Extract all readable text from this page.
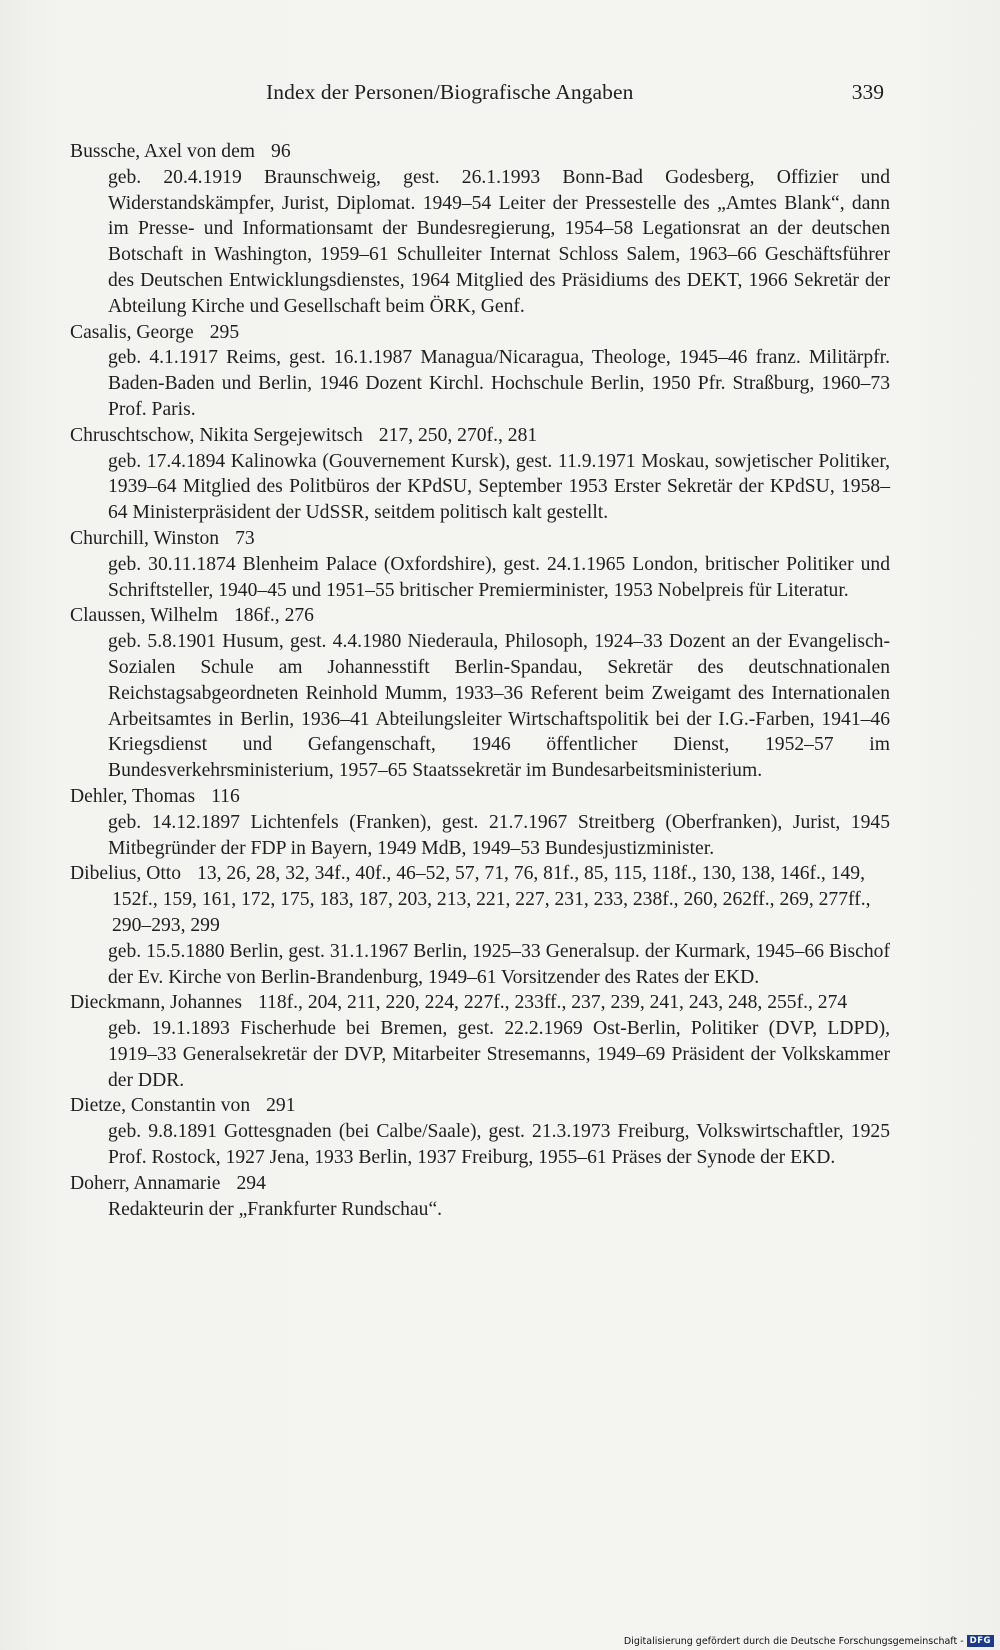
Index der Personen/Biografische Angaben	339

Bussche, Axel von dem 96

geb. 20.4.1919 Braunschweig, gest. 26.1.1993 Bonn-Bad Godesberg, Offizier und Widerstandskämpfer, Jurist, Diplomat. 1949–54 Leiter der Pressestelle des „Amtes Blank“, dann im Presse- und Informationsamt der Bundesregierung, 1954–58 Legationsrat an der deutschen Botschaft in Washington, 1959–61 Schulleiter Internat Schloss Salem, 1963–66 Geschäftsführer des Deutschen Entwicklungsdienstes, 1964 Mitglied des Präsidiums des DEKT, 1966 Sekretär der Abteilung Kirche und Gesellschaft beim ÖRK, Genf.

Casalis, George 295

geb. 4.1.1917 Reims, gest. 16.1.1987 Managua/Nicaragua, Theologe, 1945–46 franz. Militärpfr. Baden-Baden und Berlin, 1946 Dozent Kirchl. Hochschule Berlin, 1950 Pfr. Straßburg, 1960–73 Prof. Paris.

Chruschtschow, Nikita Sergejewitsch 217, 250, 270f., 281

geb. 17.4.1894 Kalinowka (Gouvernement Kursk), gest. 11.9.1971 Moskau, sowjetischer Politiker, 1939–64 Mitglied des Politbüros der KPdSU, September 1953 Erster Sekretär der KPdSU, 1958–64 Ministerpräsident der UdSSR, seitdem politisch kalt gestellt.

Churchill, Winston 73

geb. 30.11.1874 Blenheim Palace (Oxfordshire), gest. 24.1.1965 London, britischer Politiker und Schriftsteller, 1940–45 und 1951–55 britischer Premierminister, 1953 Nobelpreis für Literatur.

Claussen, Wilhelm 186f., 276

geb. 5.8.1901 Husum, gest. 4.4.1980 Niederaula, Philosoph, 1924–33 Dozent an der Evangelisch-Sozialen Schule am Johannesstift Berlin-Spandau, Sekretär des deutschnationalen Reichstagsabgeordneten Reinhold Mumm, 1933–36 Referent beim Zweigamt des Internationalen Arbeitsamtes in Berlin, 1936–41 Abteilungsleiter Wirtschaftspolitik bei der I.G.-Farben, 1941–46 Kriegsdienst und Gefangenschaft, 1946 öffentlicher Dienst, 1952–57 im Bundesverkehrsministerium, 1957–65 Staatssekretär im Bundesarbeitsministerium.

Dehler, Thomas 116

geb. 14.12.1897 Lichtenfels (Franken), gest. 21.7.1967 Streitberg (Oberfranken), Jurist, 1945 Mitbegründer der FDP in Bayern, 1949 MdB, 1949–53 Bundesjustizminister.

Dibelius, Otto 13, 26, 28, 32, 34f., 40f., 46–52, 57, 71, 76, 81f., 85, 115, 118f., 130, 138, 146f., 149, 152f., 159, 161, 172, 175, 183, 187, 203, 213, 221, 227, 231, 233, 238f., 260, 262ff., 269, 277ff., 290–293, 299

geb. 15.5.1880 Berlin, gest. 31.1.1967 Berlin, 1925–33 Generalsup. der Kurmark, 1945–66 Bischof der Ev. Kirche von Berlin-Brandenburg, 1949–61 Vorsitzender des Rates der EKD.

Dieckmann, Johannes 118f., 204, 211, 220, 224, 227f., 233ff., 237, 239, 241, 243, 248, 255f., 274

geb. 19.1.1893 Fischerhude bei Bremen, gest. 22.2.1969 Ost-Berlin, Politiker (DVP, LDPD), 1919–33 Generalsekretär der DVP, Mitarbeiter Stresemanns, 1949–69 Präsident der Volkskammer der DDR.

Dietze, Constantin von 291

geb. 9.8.1891 Gottesgnaden (bei Calbe/Saale), gest. 21.3.1973 Freiburg, Volkswirtschaftler, 1925 Prof. Rostock, 1927 Jena, 1933 Berlin, 1937 Freiburg, 1955–61 Präses der Synode der EKD.

Doherr, Annamarie 294

Redakteurin der „Frankfurter Rundschau“.

Digitalisierung gefördert durch die Deutsche Forschungsgemeinschaft - DFG
